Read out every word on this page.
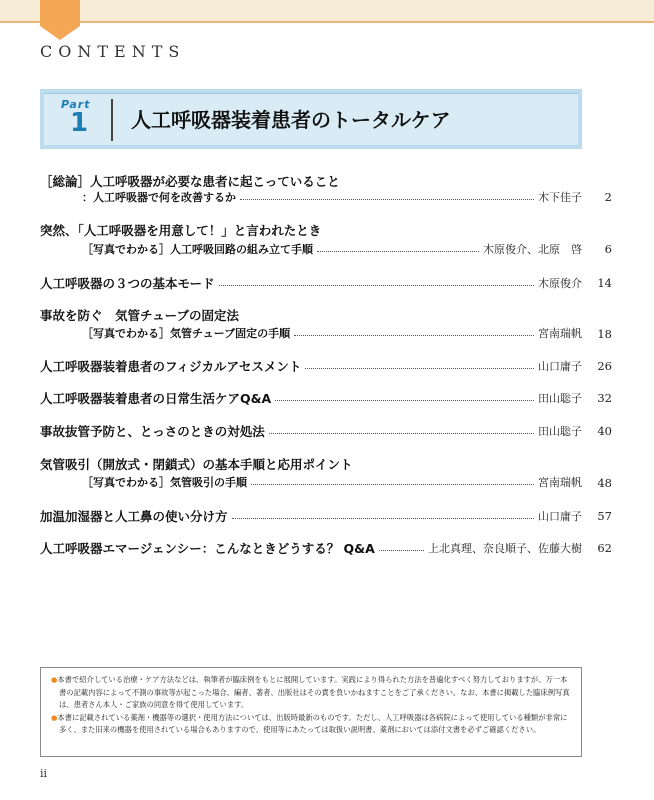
CONTENTS
Part
1 人工呼吸器装着患者のトータルケア
［総論］人工呼吸器が必要な患者に起こっていること
：人工呼吸器で何を改善するか	木下佳子	2
突然、「人工呼吸器を用意して！」と言われたとき
［写真でわかる］人工呼吸回路の組み立て手順	木原俊介、北原　啓	6
人工呼吸器の３つの基本モード	木原俊介	14
事故を防ぐ　気管チューブの固定法
［写真でわかる］気管チューブ固定の手順	宮南瑞帆	18
人工呼吸器装着患者のフィジカルアセスメント	山口庸子	26
人工呼吸器装着患者の日常生活ケアQ&A	田山聡子	32
事故抜管予防と、とっさのときの対処法	田山聡子	40
気管吸引（開放式・閉鎖式）の基本手順と応用ポイント
［写真でわかる］気管吸引の手順	宮南瑞帆	48
加温加湿器と人工鼻の使い分け方	山口庸子	57
人工呼吸器エマージェンシー：こんなときどうする？ Q&A	上北真理、奈良順子、佐藤大樹	62
●本書で紹介している治療・ケア方法などは、執筆者が臨床例をもとに展開しています。実践により得られた方法を普遍化すべく努力しておりますが、万一本書の記載内容によって不測の事故等が起こった場合、編者、著者、出版社はその責を負いかねますことをご了承ください。なお、本書に掲載した臨床例写真は、患者さん本人・ご家族の同意を得て使用しています。
●本書に記載されている薬剤・機器等の選択・使用方法については、出版時最新のものです。ただし、人工呼吸器は各病院によって使用している種類が非常に多く、また旧来の機器を使用されている場合もありますので、使用等にあたっては取扱い説明書、薬剤においては添付文書を必ずご確認ください。
ii
